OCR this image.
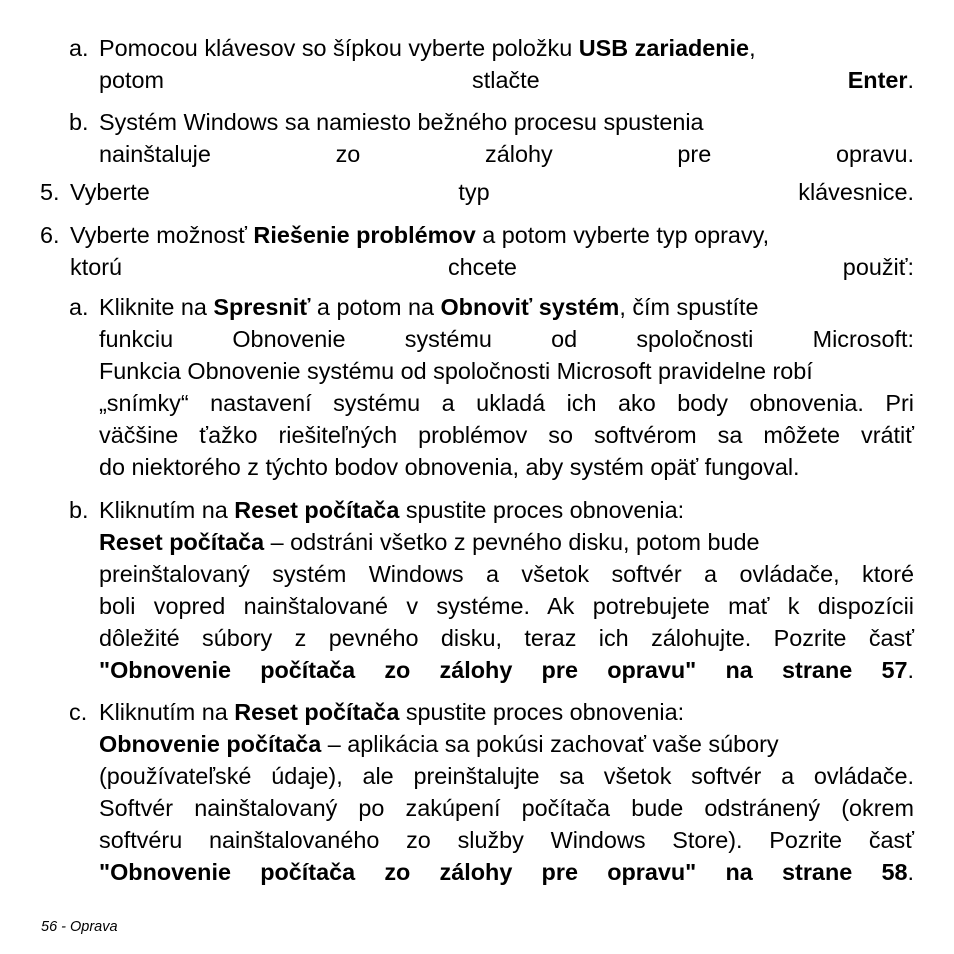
a. Pomocou klávesov so šípkou vyberte položku USB zariadenie,
potom stlačte Enter.
b. Systém Windows sa namiesto bežného procesu spustenia
nainštaluje zo zálohy pre opravu.
5. Vyberte typ klávesnice.
6. Vyberte možnosť Riešenie problémov a potom vyberte typ opravy,
ktorú chcete použiť:
a. Kliknite na Spresniť a potom na Obnoviť systém, čím spustíte
funkciu Obnovenie systému od spoločnosti Microsoft:
Funkcia Obnovenie systému od spoločnosti Microsoft pravidelne robí
„snímky“ nastavení systému a ukladá ich ako body obnovenia. Pri
väčšine ťažko riešiteľných problémov so softvérom sa môžete vrátiť
do niektorého z týchto bodov obnovenia, aby systém opäť fungoval.
b. Kliknutím na Reset počítača spustite proces obnovenia:
Reset počítača – odstráni všetko z pevného disku, potom bude
preinštalovaný systém Windows a všetok softvér a ovládače, ktoré
boli vopred nainštalované v systéme. Ak potrebujete mať k dispozícii
dôležité súbory z pevného disku, teraz ich zálohujte. Pozrite časť
"Obnovenie počítača zo zálohy pre opravu" na strane 57.
c. Kliknutím na Reset počítača spustite proces obnovenia:
Obnovenie počítača – aplikácia sa pokúsi zachovať vaše súbory
(používateľské údaje), ale preinštalujte sa všetok softvér a ovládače.
Softvér nainštalovaný po zakúpení počítača bude odstránený (okrem
softvéru nainštalovaného zo služby Windows Store). Pozrite časť
"Obnovenie počítača zo zálohy pre opravu" na strane 58.
56 - Oprava
